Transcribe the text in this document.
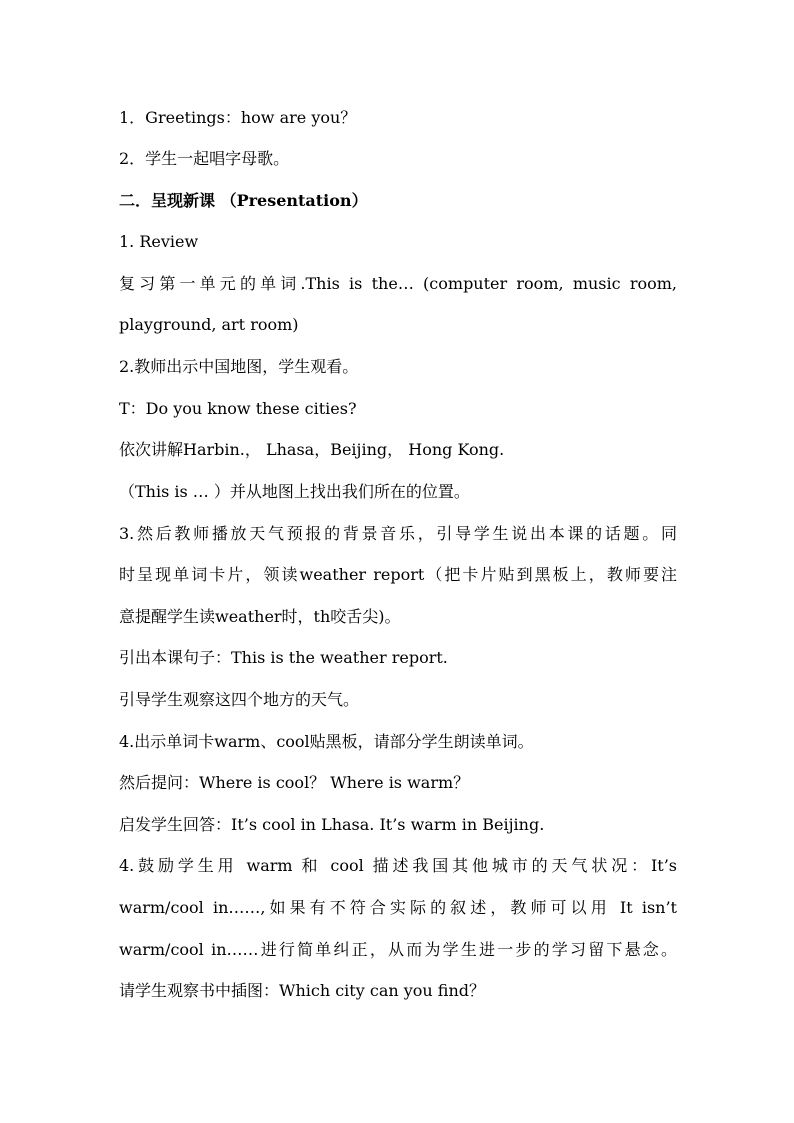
1．Greetings：how are you？
2．学生一起唱字母歌。
二．呈现新课 （Presentation）
1. Review
复习第一单元的单词.This is the… (computer room, music room,
playground, art room)
2.教师出示中国地图，学生观看。
T：Do you know these cities?
依次讲解Harbin.， Lhasa，Beijing， Hong Kong.
（This is … ）并从地图上找出我们所在的位置。
3.然后教师播放天气预报的背景音乐，引导学生说出本课的话题。同
时呈现单词卡片，领读weather report（把卡片贴到黑板上，教师要注
意提醒学生读weather时，th咬舌尖)。
引出本课句子：This is the weather report.
引导学生观察这四个地方的天气。
4.出示单词卡warm、cool贴黑板，请部分学生朗读单词。
然后提问：Where is cool？ Where is warm？
启发学生回答：It’s cool in Lhasa. It’s warm in Beijing.
4.鼓励学生用 warm 和 cool 描述我国其他城市的天气状况：It’s
warm/cool in……,如果有不符合实际的叙述，教师可以用 It isn’t
warm/cool in……进行简单纠正，从而为学生进一步的学习留下悬念。
请学生观察书中插图：Which city can you find？
